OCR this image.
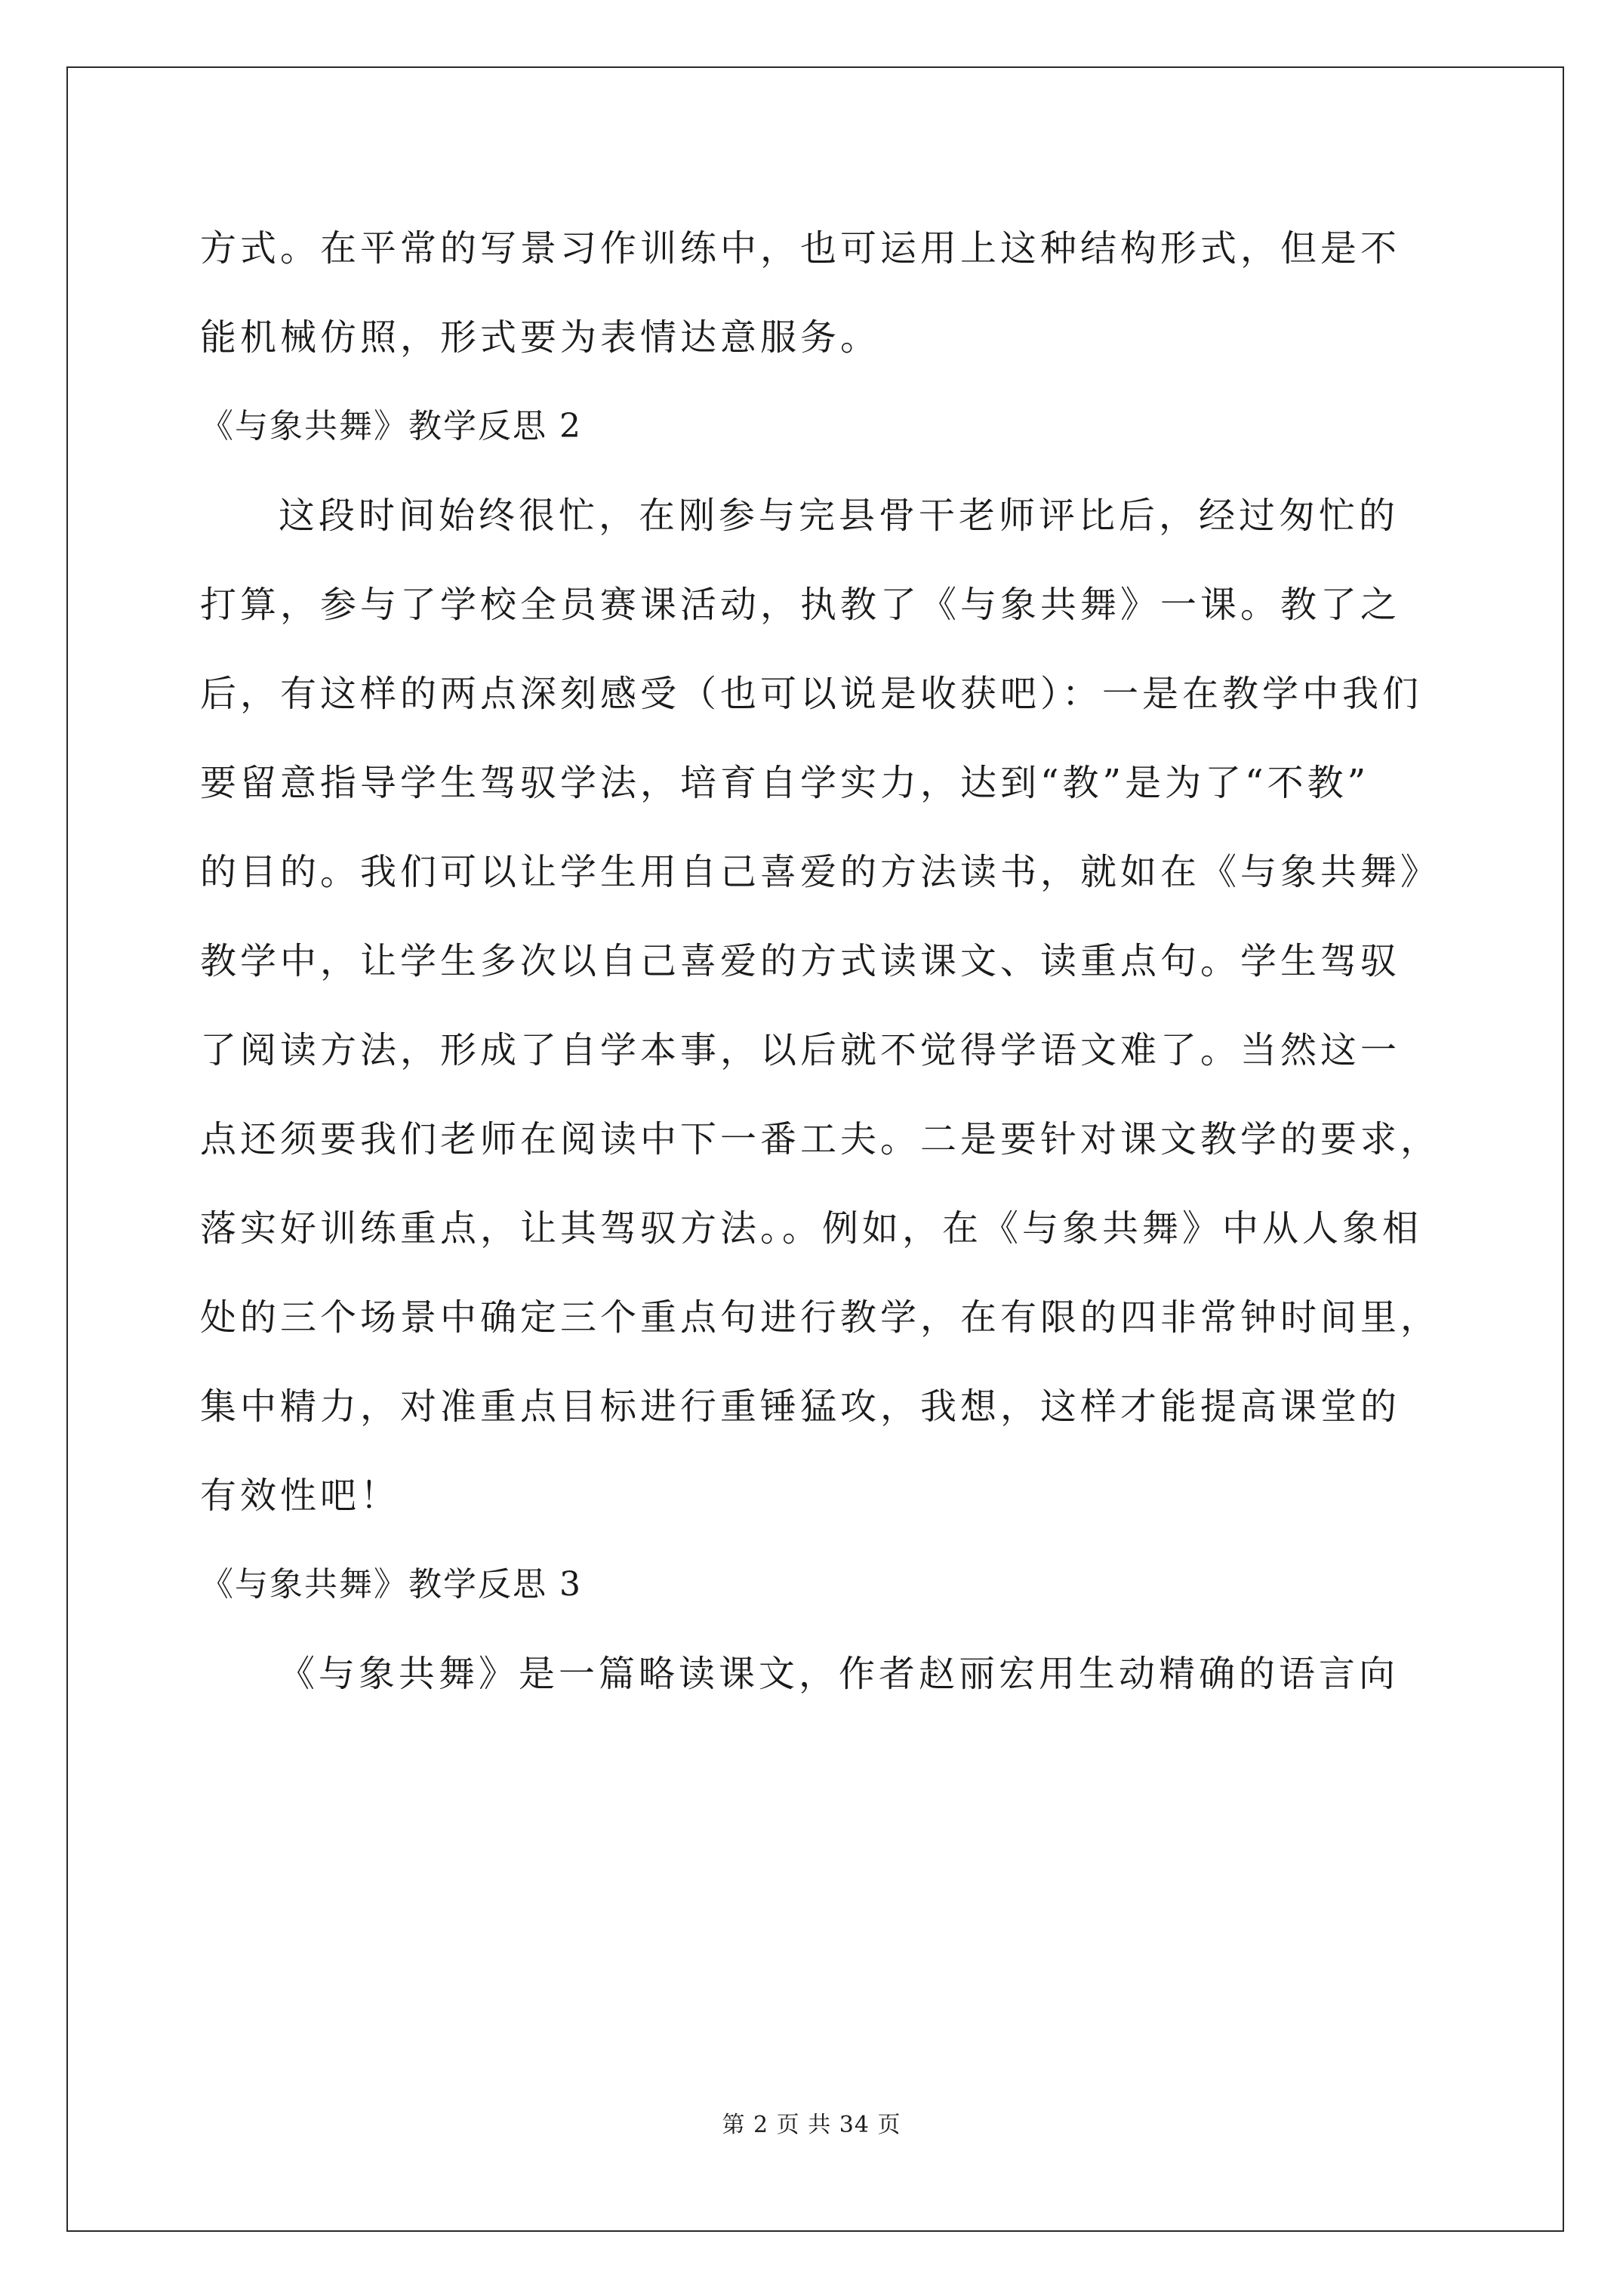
方式。在平常的写景习作训练中，也可运用上这种结构形式，但是不
能机械仿照，形式要为表情达意服务。
《与象共舞》教学反思 2
这段时间始终很忙，在刚参与完县骨干老师评比后，经过匆忙的
打算，参与了学校全员赛课活动，执教了《与象共舞》一课。教了之
后，有这样的两点深刻感受（也可以说是收获吧）：一是在教学中我们
要留意指导学生驾驭学法，培育自学实力，达到“教”是为了“不教”
的目的。我们可以让学生用自己喜爱的方法读书，就如在《与象共舞》
教学中，让学生多次以自己喜爱的方式读课文、读重点句。学生驾驭
了阅读方法，形成了自学本事，以后就不觉得学语文难了。当然这一
点还须要我们老师在阅读中下一番工夫。二是要针对课文教学的要求，
落实好训练重点，让其驾驭方法。。例如，在《与象共舞》中从人象相
处的三个场景中确定三个重点句进行教学，在有限的四非常钟时间里，
集中精力，对准重点目标进行重锤猛攻，我想，这样才能提高课堂的
有效性吧！
《与象共舞》教学反思 3
《与象共舞》是一篇略读课文，作者赵丽宏用生动精确的语言向
第 2 页 共 34 页
